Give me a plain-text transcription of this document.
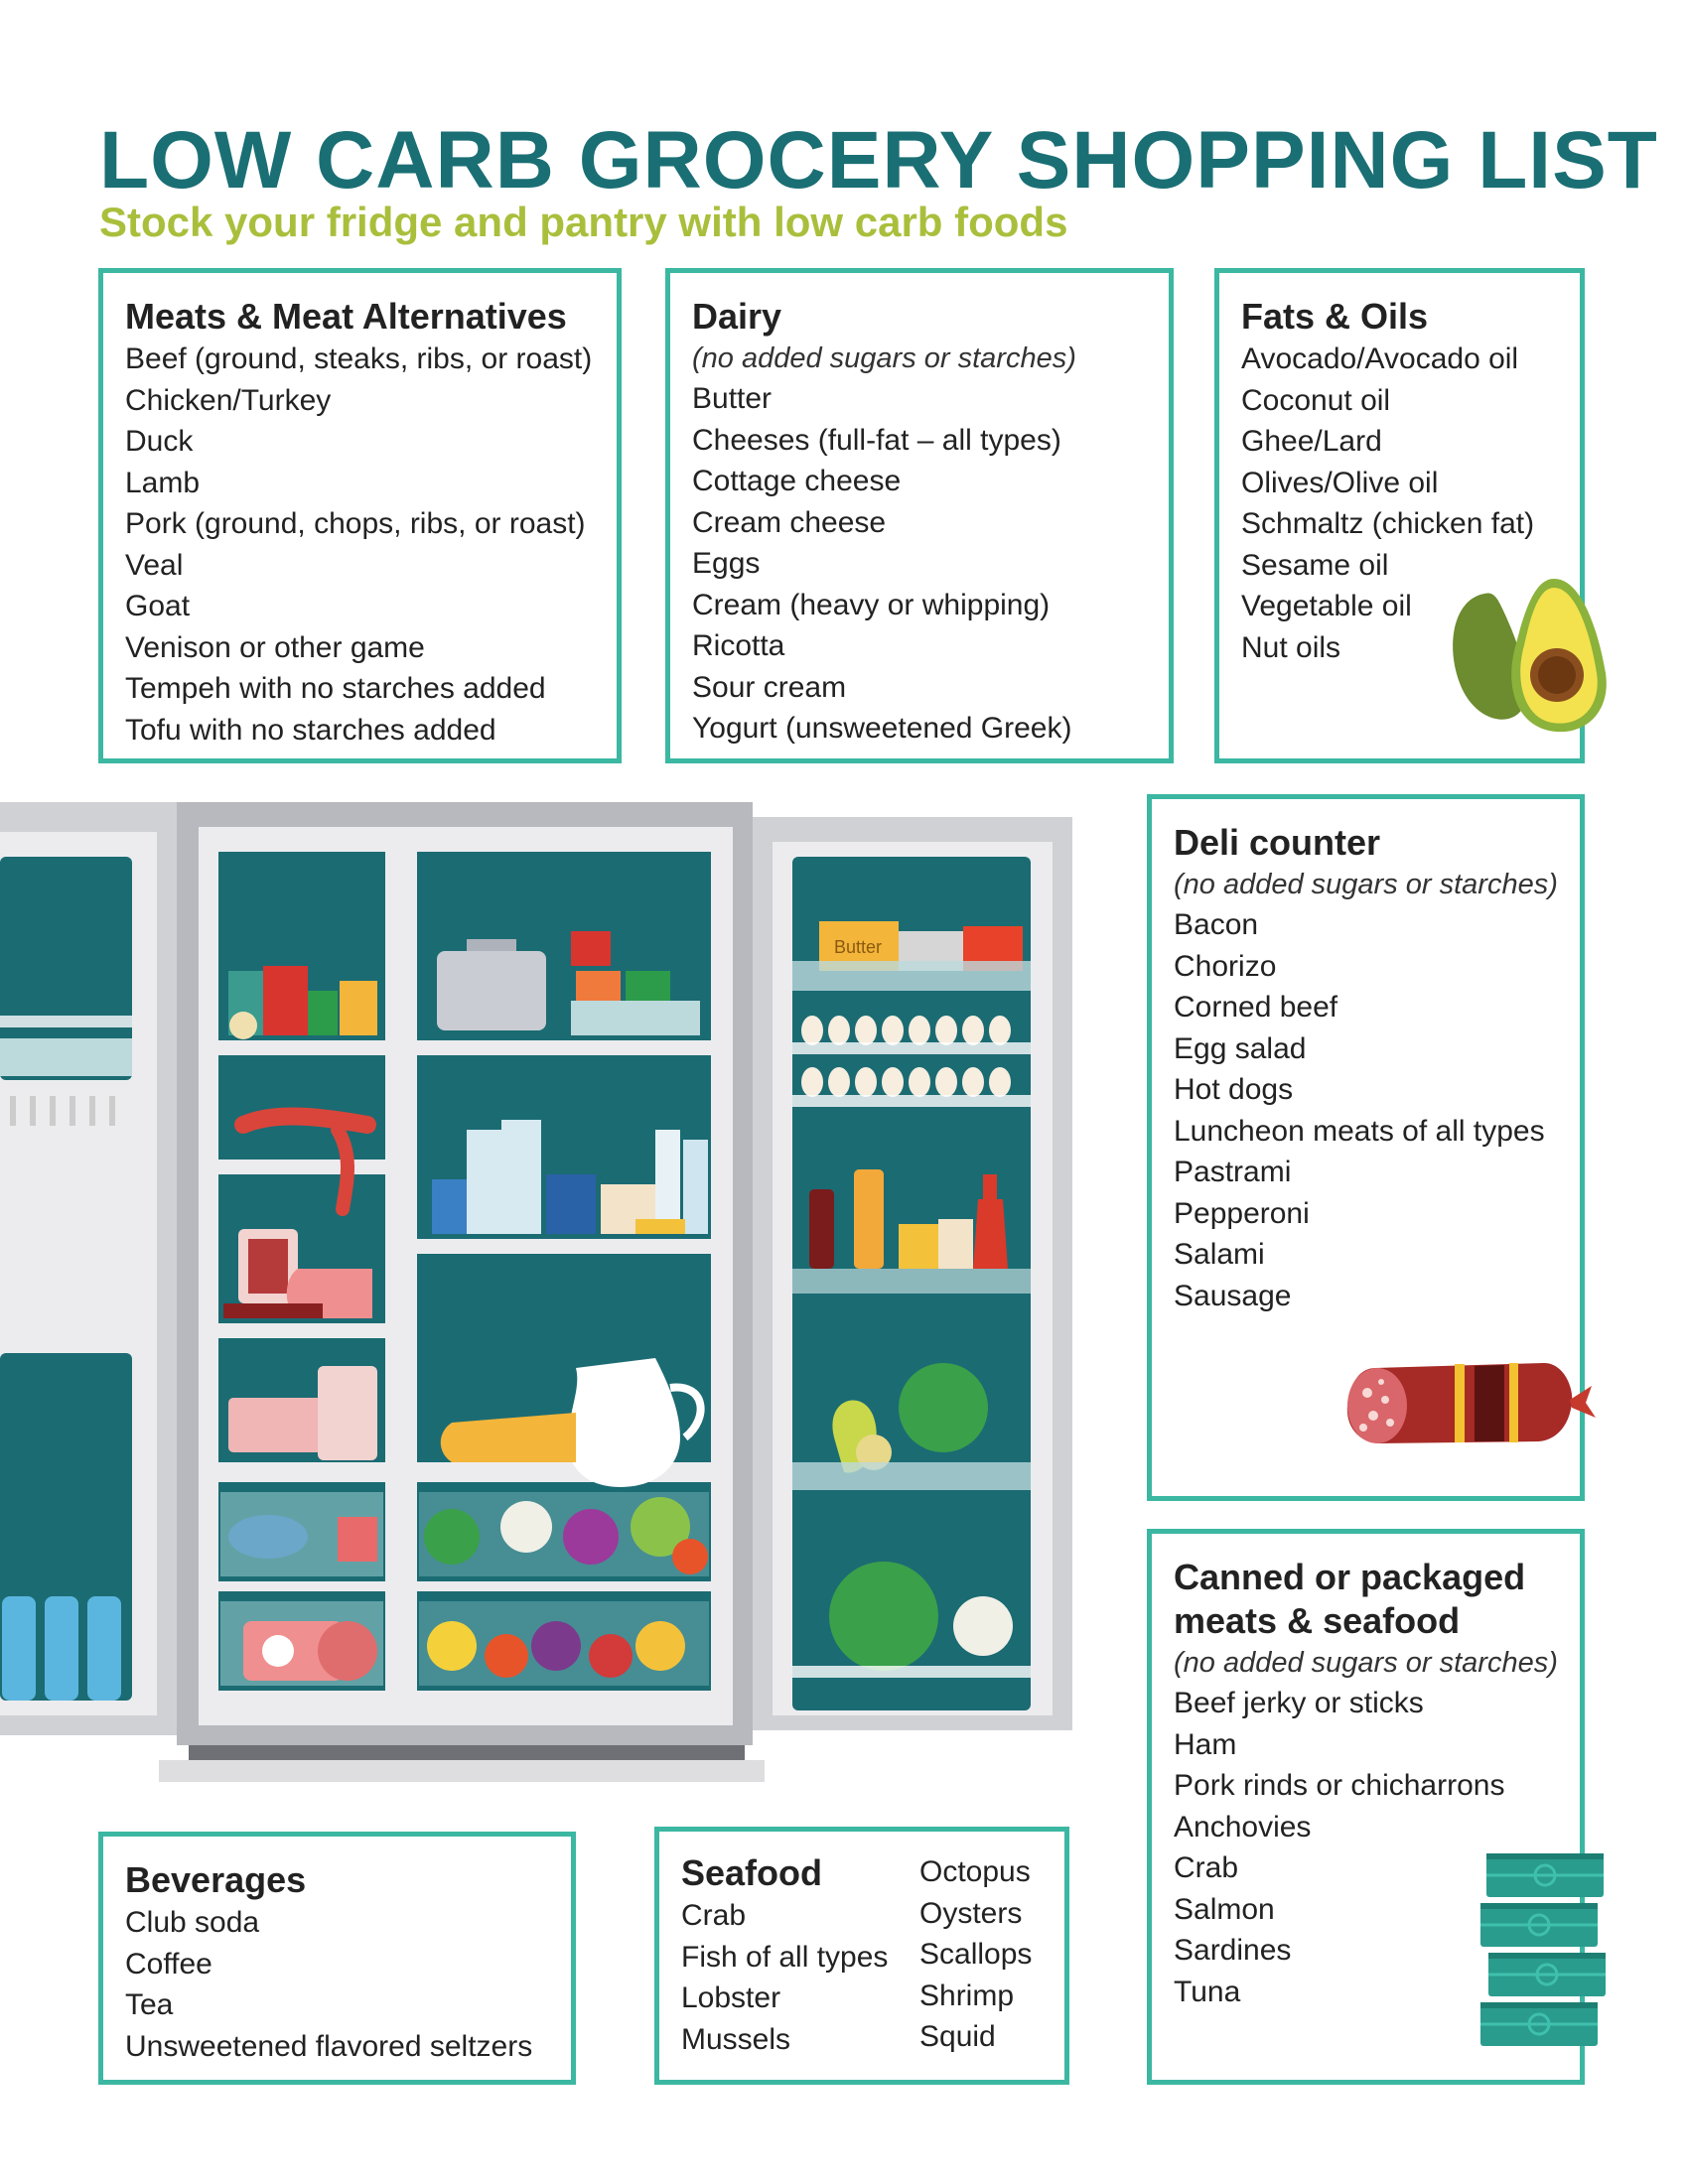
LOW CARB GROCERY SHOPPING LIST
Stock your fridge and pantry with low carb foods
Meats & Meat Alternatives
Beef (ground, steaks, ribs, or roast)
Chicken/Turkey
Duck
Lamb
Pork (ground, chops, ribs, or roast)
Veal
Goat
Venison or other game
Tempeh with no starches added
Tofu with no starches added
Dairy
(no added sugars or starches)
Butter
Cheeses (full-fat – all types)
Cottage cheese
Cream cheese
Eggs
Cream (heavy or whipping)
Ricotta
Sour cream
Yogurt (unsweetened Greek)
Fats & Oils
Avocado/Avocado oil
Coconut oil
Ghee/Lard
Olives/Olive oil
Schmaltz (chicken fat)
Sesame oil
Vegetable oil
Nut oils
Deli counter
(no added sugars or starches)
Bacon
Chorizo
Corned beef
Egg salad
Hot dogs
Luncheon meats of all types
Pastrami
Pepperoni
Salami
Sausage
Canned or packaged
meats & seafood
(no added sugars or starches)
Beef jerky or sticks
Ham
Pork rinds or chicharrons
Anchovies
Crab
Salmon
Sardines
Tuna
Butter
Beverages
Club soda
Coffee
Tea
Unsweetened flavored seltzers
Seafood
Crab
Fish of all types
Lobster
Mussels
Octopus
Oysters
Scallops
Shrimp
Squid
